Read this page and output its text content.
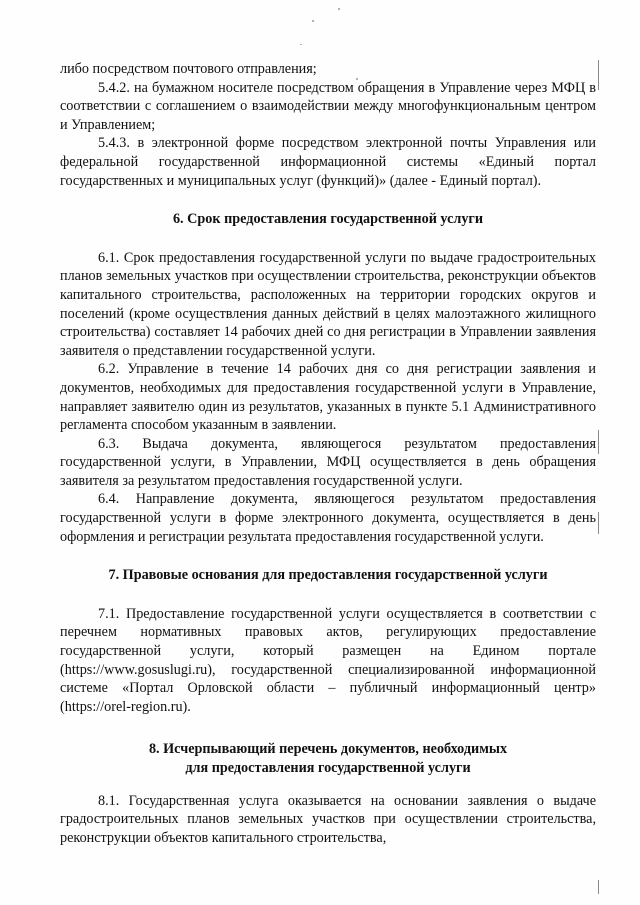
либо посредством почтового отправления;

5.4.2. на бумажном носителе посредством обращения в Управление через МФЦ в соответствии с соглашением о взаимодействии между многофункциональным центром и Управлением;

5.4.3. в электронной форме посредством электронной почты Управления или федеральной государственной информационной системы «Единый портал государственных и муниципальных услуг (функций)» (далее - Единый портал).

6. Срок предоставления государственной услуги

6.1. Срок предоставления государственной услуги по выдаче градостроительных планов земельных участков при осуществлении строительства, реконструкции объектов капитального строительства, расположенных на территории городских округов и поселений (кроме осуществления данных действий в целях малоэтажного жилищного строительства) составляет 14 рабочих дней со дня регистрации в Управлении заявления заявителя о представлении государственной услуги.

6.2. Управление в течение 14 рабочих дня со дня регистрации заявления и документов, необходимых для предоставления государственной услуги в Управление, направляет заявителю один из результатов, указанных в пункте 5.1 Административного регламента способом указанным в заявлении.

6.3. Выдача документа, являющегося результатом предоставления государственной услуги, в Управлении, МФЦ осуществляется в день обращения заявителя за результатом предоставления государственной услуги.

6.4. Направление документа, являющегося результатом предоставления государственной услуги в форме электронного документа, осуществляется в день оформления и регистрации результата предоставления государственной услуги.

7. Правовые основания для предоставления государственной услуги

7.1. Предоставление государственной услуги осуществляется в соответствии с перечнем нормативных правовых актов, регулирующих предоставление государственной услуги, который размещен на Едином портале (https://www.gosuslugi.ru), государственной специализированной информационной системе «Портал Орловской области – публичный информационный центр» (https://orel-region.ru).

8. Исчерпывающий перечень документов, необходимых
для предоставления государственной услуги

8.1. Государственная услуга оказывается на основании заявления о выдаче градостроительных планов земельных участков при осуществлении строительства, реконструкции объектов капитального строительства,
